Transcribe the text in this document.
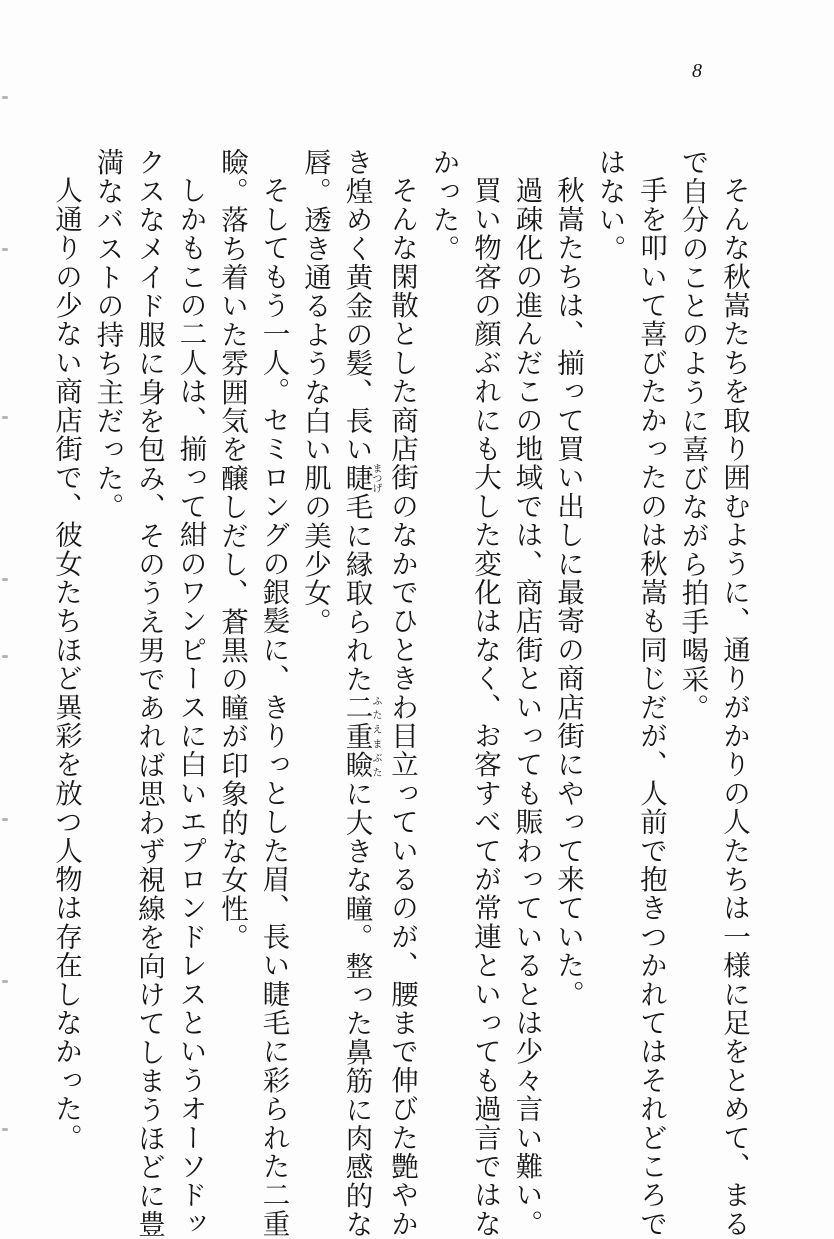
8
そんな秋嵩たちを取り囲むように、通りがかりの人たちは一様に足をとめて、まる
で自分のことのように喜びながら拍手喝采。
手を叩いて喜びたかったのは秋嵩も同じだが、人前で抱きつかれてはそれどころで
はない。
秋嵩たちは、揃って買い出しに最寄の商店街にやって来ていた。
過疎化の進んだこの地域では、商店街といっても賑わっているとは少々言い難い。
買い物客の顔ぶれにも大した変化はなく、お客すべてが常連といっても過言ではな
かった。
そんな閑散とした商店街のなかでひときわ目立っているのが、腰まで伸びた艶やか
き煌めく黄金の髪、長い睫まつげ毛に縁取られた二重瞼ふたえまぶたに大きな瞳。整った鼻筋に肉感的な
唇。透き通るような白い肌の美少女。
そしてもう一人。セミロングの銀髪に、きりっとした眉、長い睫毛に彩られた二重
瞼。落ち着いた雰囲気を醸しだし、蒼黒の瞳が印象的な女性。
しかもこの二人は、揃って紺のワンピースに白いエプロンドレスというオーソドッ
クスなメイド服に身を包み、そのうえ男であれば思わず視線を向けてしまうほどに豊
満なバストの持ち主だった。
人通りの少ない商店街で、彼女たちほど異彩を放つ人物は存在しなかった。
